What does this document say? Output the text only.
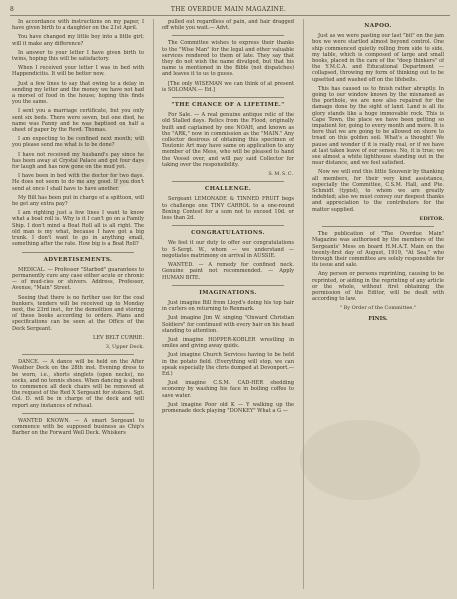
8	THE OVERDUE MAIN MAGAZINE.

In accordance with instructions on my paper, I have given birth to a daughter on the 21st April.

You have changed my little boy into a little girl; will it make any difference?

In answer to your letter I have given birth to twins, hoping this will be satisfactory.

When I received your letter I was in bed with Happendicitis. It will be better now.

Just a few lines to say that owing to a delay in sending my letter and the money we have not had a morsel of food in the house; hoping this finds you the same.

I sent you a marriage certificate, but you only sent six beds. There were seven, but one died, he name was Fanny and he was baptised on half a sheet of paper by the Revd. Thomas.

I am expecting to be confined next month; will you please send me what is to be done?

I have not received my husband's pay since he has been away at Crystal Palace and got four days for laugh and has now gone on the mud yet.

I have been in bed with the doctor for two days. He does not seem to do me any good. If you don't send at once I shall have to have another.

My Bill has been put in charge of a spittoon, will he get any extra pay?

I am righting just a few lines I want to know what a boat roll is. Why is it I can't go on a Family Ship. I don't mind a Boat Roll all is all right. The old man is my what, because I have got a big trunk. I don't want to go in anything small, something after the rate. How big is a Boat Roll?

ADVERTISEMENTS.

MEDICAL. — Professor "Starbod" guarantees to permanently cure any case either acute or chronic — of mud-cies or shivers. Address, Professor, Avenue, "Main" Street.

Seeing that there is no further use for the coal bunkers, tenders will be received up to Monday next, the 23rd inst., for the demolition and storing of these books according to orders. Plans and specifications can be seen at the Office of the Deck Sergeant.

LEV BELT CURRIE.

3, Upper Deck.

DANCE. — A dance will be held on the After Weather Deck on the 28th inst. Evening dress to be worn, i.e., shorts singlets (open necks), no socks, and no tennis shoes. When dancing is about to commence all deck chairs will be removed at the request of the Red X Sergeant for stokers. Sgt. Col. D. will be in charge of the deck and will report any instances of refusal.

WANTED KNOWN. — A smart Sergeant to commence with be supposed business as Chip's Barber on the Forward Well Deck. Whiskers

pulled out regardless of pain, and hair dragged off while you wait.— Advt.

The Committee wishes to express their thanks to the "Wise Man" for the legal and other valuable services rendered to them of late. They say that they do not wish the name divulged, but that his name is mentioned in the Bible (not dispatches) and leaves it to us to guess.

[The only WISEMAN we can think of at present is SOLOMAN.— Ed.]

"THE CHANCE OF A LIFETIME."

For Sale. — A real genuine antique relic of the old Stalled days. Relics from the Flood, originally built and captained by one NOAH, and known as the "ARK," now in commission as the "MAIN." Any collector desirous of obtaining this specimen of Teutonic Art may have same on application to any member of the Mess, who will be pleased to hand the Vessel over, and will pay said Collector for taking over the responsibility.

S.M.S.C.
CHALLENGE.

Sergeant LEMONADE & TINNED FRUIT begs to challenge one TINY CARROL to a one-round Boxing Contest for a sum not to exceed 10d. or less than 2d.

CONGRATULATIONS.

We feel it our duty to offer our congratulations to S-Sergt. W., whom — we understand — negotiates matrimony on arrival in AUSSIE.

WANTED. — A remedy for confined neck. Genuine paint not recommended. — Apply HUMAN BITE.

IMAGINATIONS.

Just imagine Bill from Lloyd's doing his top hair in curlers on returning to Renmark.

Just imagine Jim W. singing "Onward Christian Soldiers" for continued with every hair on his head standing to attention.

Just imagine HOPPER-KOBLER wrestling in smiles and giving away quids.

Just imagine Church Services having to be held in the potato field. (Everything will stop, we can speak especially the chris dumped at Devonport.— Ed.)

Just imagine C.S.M. CAD-HER shedding economy by washing his face in boiling coffee to save water.

Just imagine Poor old K — Y walking up the promenade deck playing "DONKEY" What a G —

NAPOO.

Just as we were pasting our last "bit" on the jam box we were startled almost beyond control. One ship commenced quietly rolling from side to side, my table, which is composed of large and small books, placed in the care of the "deep thinkers" of the Y.M.C.A. and Educational Department — collapsed, throwing my form of thinking out to be upsetted and washed off on the lifebelts.

This has caused us to finish rather abruptly. In going to our window known by the misnamed as the porthole, we are now also repaired for the damage done by the sight of land. Land is all its glory stands like a huge immovable rock. This is Cape Town, the place we have been getting so impatient for, going to every month and more. It is here that we are going to be allowed on shore to tread on this golden soil. What's a thought! We pause and wonder if it is really real, or if we have at last taken leave of our senses. No, it is true; we see almost a white lighthouse standing out in the near distance, and we feel satisfied.

Now we will end this little Souvenir by thanking all members, for their very kind assistance, especially the Committee, C.S.M. Hall, and Pte. Schmidt (typist), to whom we are greatly indebted; also we must convey our deepest thanks and appreciation to the contributors for the matter supplied.

EDITOR.

The publication of "The Overdue Main" Magazine was authorised by the members of the Sergeants' Mess on board H.M.A.T. Main on the twenty-first day of August, 1919, "At Sea," who through their committee are solely responsible for its issue and sale.

Any person or persons reprinting, causing to be reprinted, or aiding in the reprinting of any article or the whole, without first obtaining the permission of the Editor, will be dealt with according to law.

" By Order of the Committee."
FINIS.
